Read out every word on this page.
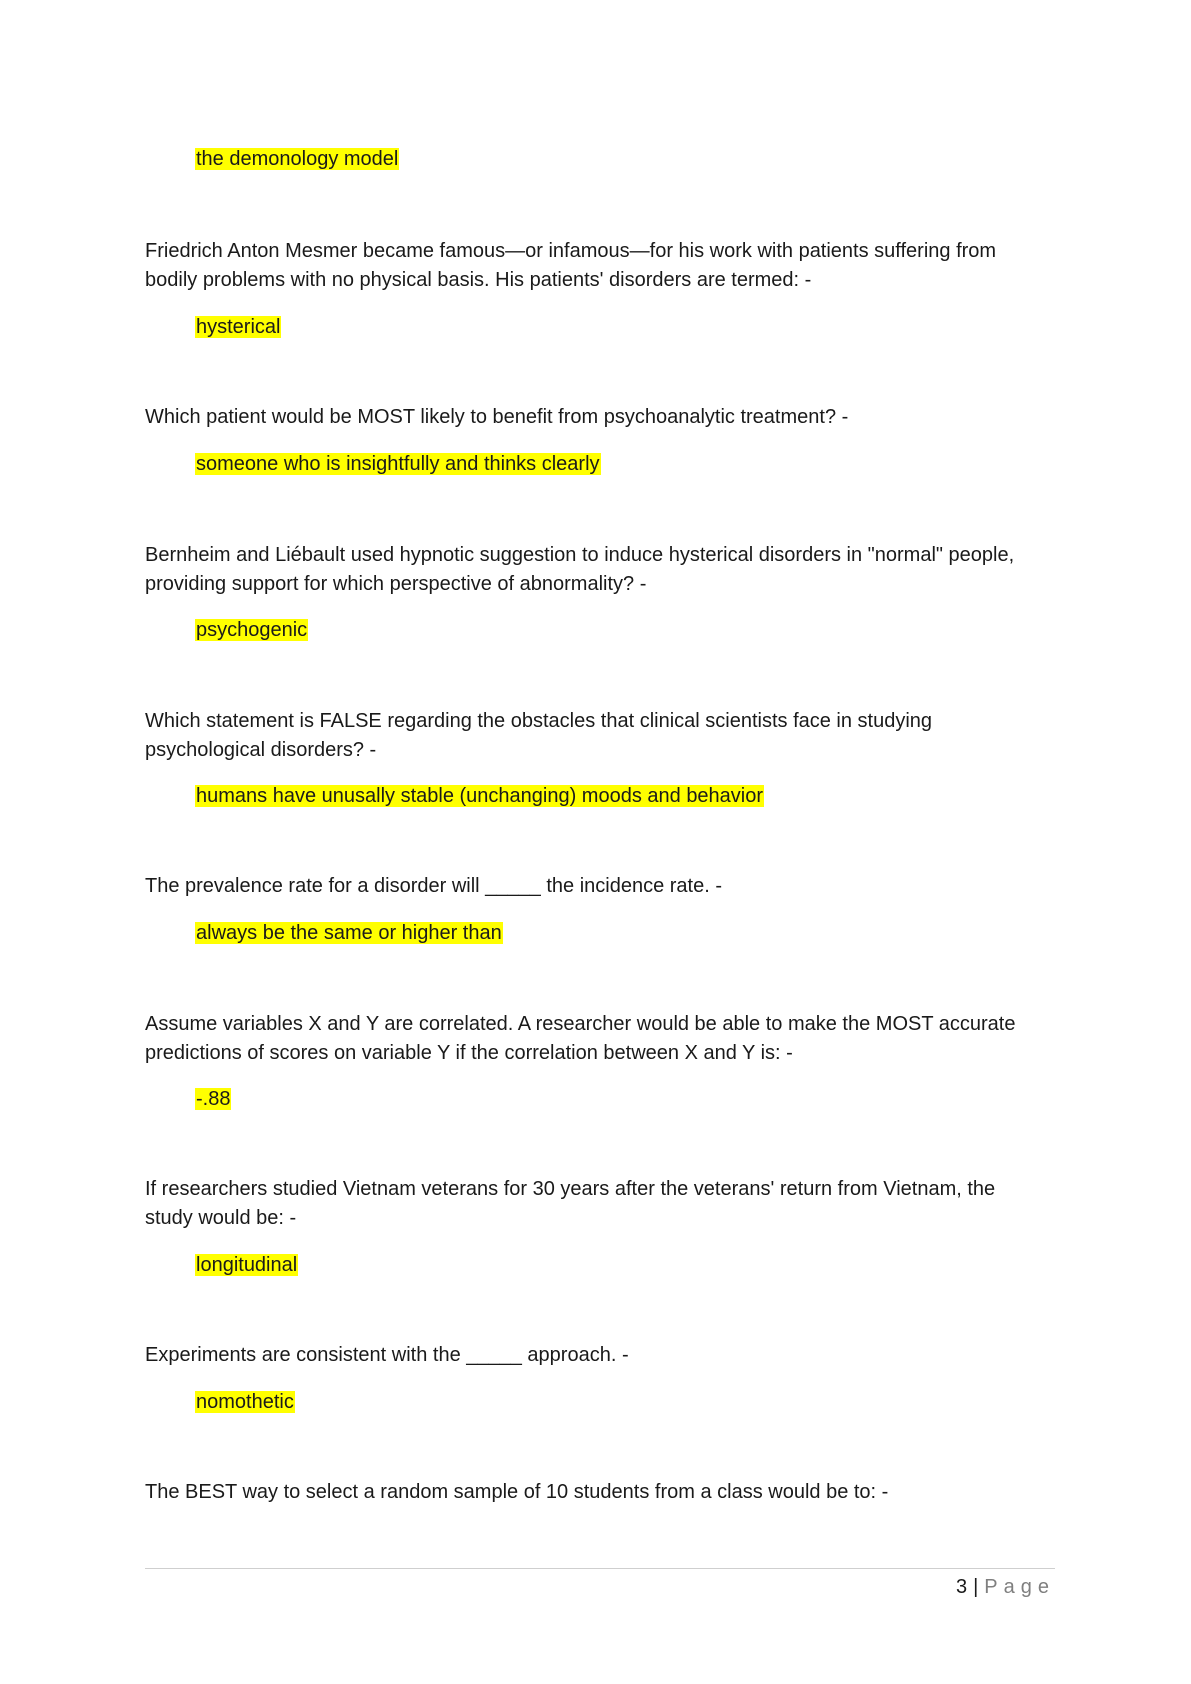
the demonology model

Friedrich Anton Mesmer became famous—or infamous—for his work with patients suffering from bodily problems with no physical basis. His patients' disorders are termed: -

hysterical

Which patient would be MOST likely to benefit from psychoanalytic treatment? -

someone who is insightfully and thinks clearly

Bernheim and Liébault used hypnotic suggestion to induce hysterical disorders in "normal" people, providing support for which perspective of abnormality? -

psychogenic

Which statement is FALSE regarding the obstacles that clinical scientists face in studying psychological disorders? -

humans have unusally stable (unchanging) moods and behavior

The prevalence rate for a disorder will _____ the incidence rate. -

always be the same or higher than

Assume variables X and Y are correlated. A researcher would be able to make the MOST accurate predictions of scores on variable Y if the correlation between X and Y is: -

-.88

If researchers studied Vietnam veterans for 30 years after the veterans' return from Vietnam, the study would be: -

longitudinal

Experiments are consistent with the _____ approach. -

nomothetic

The BEST way to select a random sample of 10 students from a class would be to: -

3 | Page
